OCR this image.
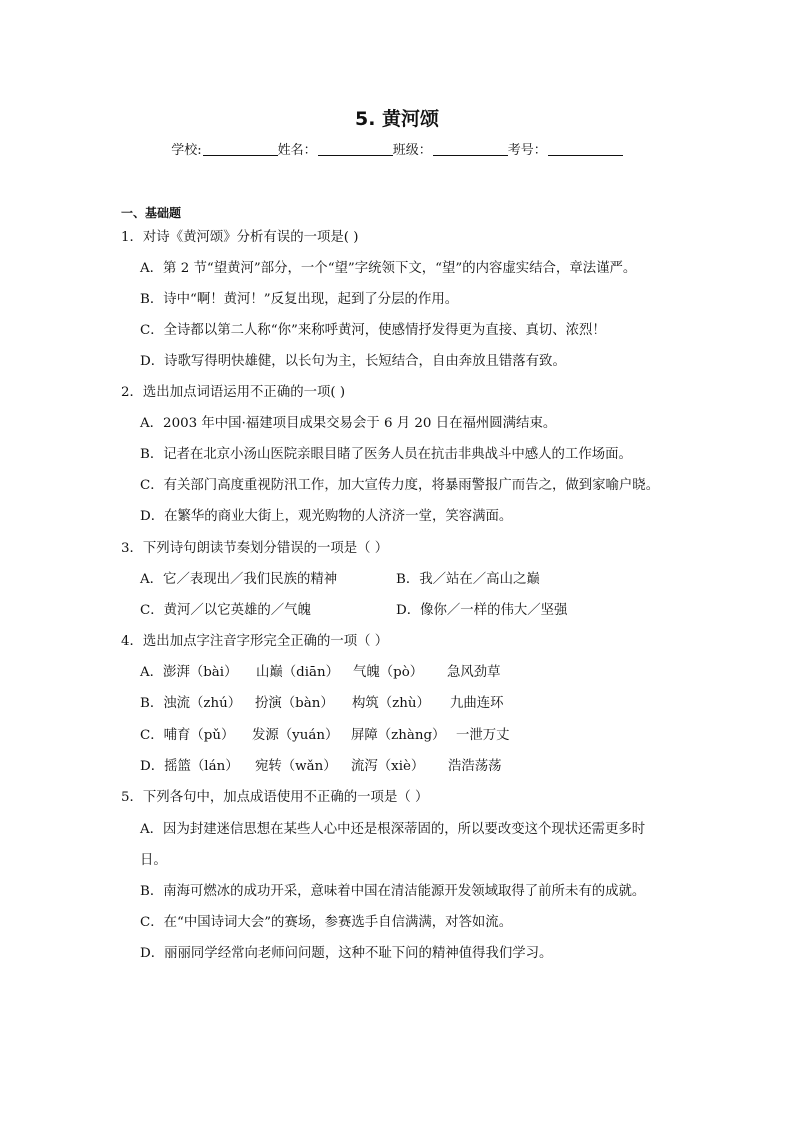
5. 黄河颂
学校:	姓名：	班级：	考号：
一、基础题
1．对诗《黄河颂》分析有误的一项是( )
A．第 2 节“望黄河”部分，一个“望”字统领下文，“望”的内容虚实结合，章法谨严。
B．诗中“啊！黄河！”反复出现，起到了分层的作用。
C．全诗都以第二人称“你”来称呼黄河，使感情抒发得更为直接、真切、浓烈！
D．诗歌写得明快雄健，以长句为主，长短结合，自由奔放且错落有致。
2．选出加点词语运用不正确的一项( )
A．2003 年中国·福建项目成果交易会于 6 月 20 日在福州圆满结束。
B．记者在北京小汤山医院亲眼目睹了医务人员在抗击非典战斗中感人的工作场面。
C．有关部门高度重视防汛工作，加大宣传力度，将暴雨警报广而告之，做到家喻户晓。
D．在繁华的商业大街上，观光购物的人济济一堂，笑容满面。
3．下列诗句朗读节奏划分错误的一项是（ ）
A．它／表现出／我们民族的精神	B．我／站在／高山之巅
C．黄河／以它英雄的／气魄	D．像你／一样的伟大／坚强
4．选出加点字注音字形完全正确的一项（ ）
A．澎湃（bài）	山巅（diān）	气魄（pò）	急风劲草
B．浊流（zhú）	扮演（bàn）	构筑（zhù）	九曲连环
C．哺育（pǔ）	发源（yuán） 屏障（zhàng） 一泄万丈
D．摇篮（lán）	宛转（wǎn）	流泻（xiè）	浩浩荡荡
5．下列各句中，加点成语使用不正确的一项是（ ）
A．因为封建迷信思想在某些人心中还是根深蒂固的，所以要改变这个现状还需更多时
日。
B．南海可燃冰的成功开采，意味着中国在清洁能源开发领域取得了前所未有的成就。
C．在“中国诗词大会”的赛场，参赛选手自信满满，对答如流。
D．丽丽同学经常向老师问问题，这种不耻下问的精神值得我们学习。
